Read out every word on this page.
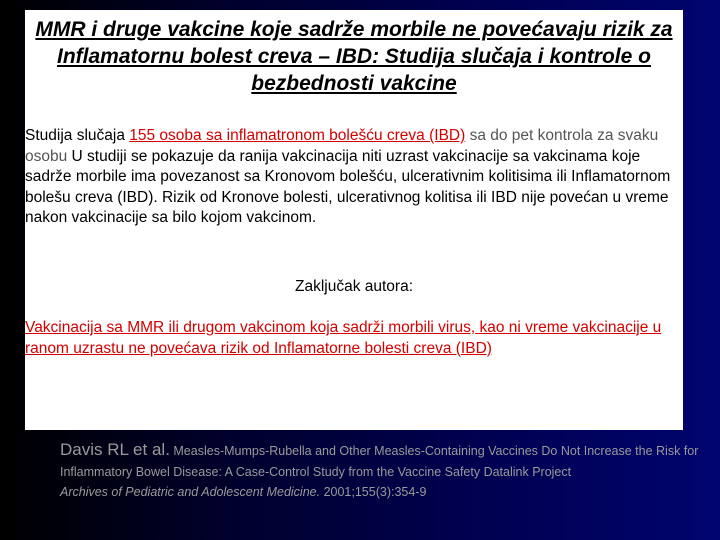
MMR i druge vakcine koje sadrže morbile ne povećavaju rizik za Inflamatornu bolest creva – IBD: Studija slučaja i kontrole o bezbednosti vakcine
Studija slučaja 155 osoba sa inflamatronom bolešću creva (IBD) sa do pet kontrola za svaku osobu U studiji se pokazuje da ranija vakcinacija niti uzrast vakcinacije sa vakcinama koje sadrže morbile ima povezanost sa Kronovom bolešću, ulcerativnim kolitisima ili Inflamatornom bolešu creva (IBD). Rizik od Kronove bolesti, ulcerativnog kolitisa ili IBD nije povećan u vreme nakon vakcinacije sa bilo kojom vakcinom.
Zaključak autora:
Vakcinacija sa MMR ili drugom vakcinom koja sadrži morbili virus, kao ni vreme vakcinacije u ranom uzrastu ne povećava rizik od Inflamatorne bolesti creva (IBD)
Davis RL et al. Measles-Mumps-Rubella and Other Measles-Containing Vaccines Do Not Increase the Risk for Inflammatory Bowel Disease: A Case-Control Study from the Vaccine Safety Datalink Project
Archives of Pediatric and Adolescent Medicine. 2001;155(3):354-9
